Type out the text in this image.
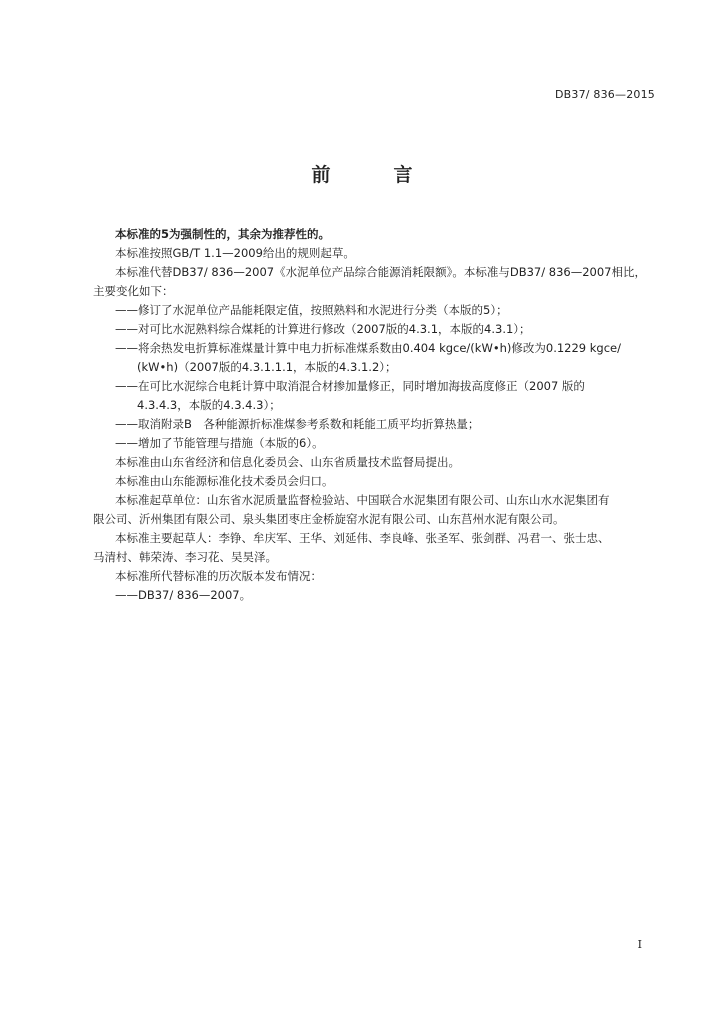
DB37/ 836—2015
前　言

本标准的5为强制性的，其余为推荐性的。

本标准按照GB/T 1.1—2009给出的规则起草。

本标准代替DB37/ 836—2007《水泥单位产品综合能源消耗限额》。本标准与DB37/ 836—2007相比，

主要变化如下：

——修订了水泥单位产品能耗限定值，按照熟料和水泥进行分类（本版的5）；

——对可比水泥熟料综合煤耗的计算进行修改（2007版的4.3.1，本版的4.3.1）；

——将余热发电折算标准煤量计算中电力折标准煤系数由0.404 kgce/(kW•h)修改为0.1229 kgce/

(kW•h)（2007版的4.3.1.1.1，本版的4.3.1.2）；

——在可比水泥综合电耗计算中取消混合材掺加量修正，同时增加海拔高度修正（2007 版的

4.3.4.3，本版的4.3.4.3）；

——取消附录B　各种能源折标准煤参考系数和耗能工质平均折算热量；

——增加了节能管理与措施（本版的6）。

本标准由山东省经济和信息化委员会、山东省质量技术监督局提出。

本标准由山东能源标准化技术委员会归口。

本标准起草单位：山东省水泥质量监督检验站、中国联合水泥集团有限公司、山东山水水泥集团有

限公司、沂州集团有限公司、泉头集团枣庄金桥旋窑水泥有限公司、山东莒州水泥有限公司。

本标准主要起草人：李铮、牟庆军、王华、刘延伟、李良峰、张圣军、张剑群、冯君一、张士忠、

马清村、韩荣涛、李习花、吴昊泽。

本标准所代替标准的历次版本发布情况：

——DB37/ 836—2007。

I
